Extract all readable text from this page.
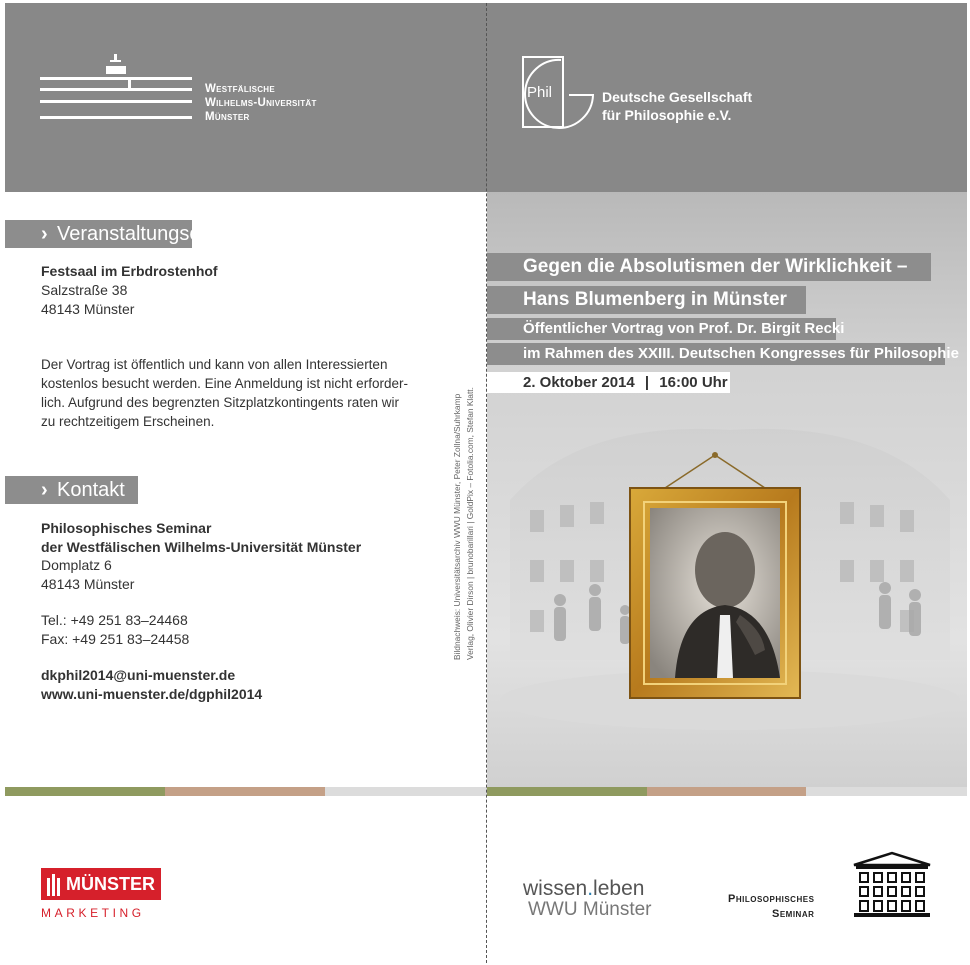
Westfälische
Wilhelms-Universität
Münster
Phil	Deutsche Gesellschaft
für Philosophie e.V.
› Veranstaltungsort
Festsaal im Erbdrostenhof
Salzstraße 38
48143 Münster
Der Vortrag ist öffentlich und kann von allen Interessierten
kostenlos besucht werden. Eine Anmeldung ist nicht erforder-
lich. Aufgrund des begrenzten Sitzplatzkontingents raten wir
zu rechtzeitigem Erscheinen.
› Kontakt
Philosophisches Seminar
der Westfälischen Wilhelms-Universität Münster
Domplatz 6
48143 Münster
Tel.: +49 251 83–24468
Fax: +49 251 83–24458
dkphil2014@uni-muenster.de
www.uni-muenster.de/dgphil2014
Bildnachweis: Universitätsarchiv WWU Münster, Peter Zollna/Suhrkamp Verlag, Olivier Dirson | brunobarillari | GoldPix – Fotolia.com, Stefan Klatt.
Gegen die Absolutismen der Wirklichkeit –
Hans Blumenberg in Münster
Öffentlicher Vortrag von Prof. Dr. Birgit Recki
im Rahmen des XXIII. Deutschen Kongresses für Philosophie
2. Oktober 2014 | 16:00 Uhr
MÜNSTER
MARKETING
wissen.leben
WWU Münster	Philosophisches
Seminar
